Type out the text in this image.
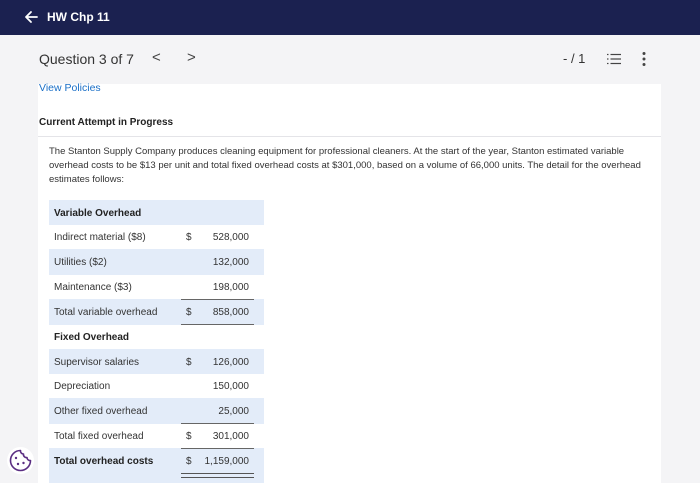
HW Chp 11
Question 3 of 7 < >	- / 1
View Policies
Current Attempt in Progress
The Stanton Supply Company produces cleaning equipment for professional cleaners. At the start of the year, Stanton estimated variable overhead costs to be $13 per unit and total fixed overhead costs at $301,000, based on a volume of 66,000 units. The detail for the overhead estimates follows:
Variable Overhead
Indirect material ($8)	$ 528,000
Utilities ($2)	132,000
Maintenance ($3)	198,000
Total variable overhead	$ 858,000
Fixed Overhead
Supervisor salaries	$ 126,000
Depreciation	150,000
Other fixed overhead	25,000
Total fixed overhead	$ 301,000
Total overhead costs	$ 1,159,000
